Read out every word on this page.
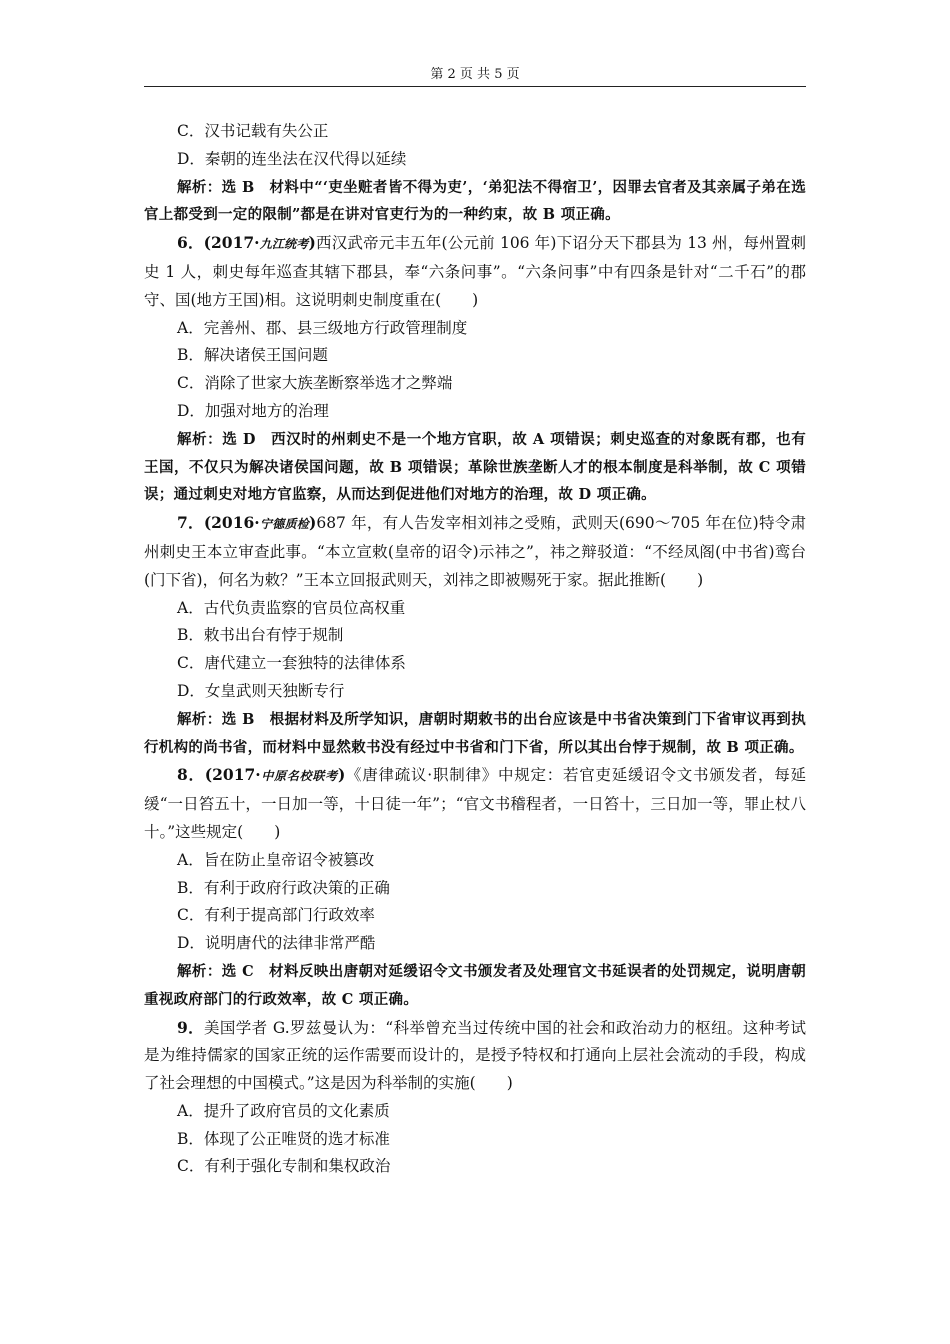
第 2 页 共 5 页

C．汉书记载有失公正

D．秦朝的连坐法在汉代得以延续

解析：选 B　材料中“‘吏坐赃者皆不得为吏’，‘弟犯法不得宿卫’，因罪去官者及其亲属子弟在选官上都受到一定的限制”都是在讲对官吏行为的一种约束，故 B 项正确。

6．(2017·九江统考)西汉武帝元丰五年(公元前 106 年)下诏分天下郡县为 13 州，每州置刺史 1 人，刺史每年巡查其辖下郡县，奉“六条问事”。“六条问事”中有四条是针对“二千石”的郡守、国(地方王国)相。这说明刺史制度重在(　　)

A．完善州、郡、县三级地方行政管理制度

B．解决诸侯王国问题

C．消除了世家大族垄断察举选才之弊端

D．加强对地方的治理

解析：选 D　西汉时的州刺史不是一个地方官职，故 A 项错误；刺史巡查的对象既有郡，也有王国，不仅只为解决诸侯国问题，故 B 项错误；革除世族垄断人才的根本制度是科举制，故 C 项错误；通过刺史对地方官监察，从而达到促进他们对地方的治理，故 D 项正确。

7．(2016·宁德质检)687 年，有人告发宰相刘祎之受贿，武则天(690～705 年在位)特令肃州刺史王本立审查此事。“本立宣敕(皇帝的诏令)示祎之”，祎之辩驳道：“不经凤阁(中书省)鸾台(门下省)，何名为敕？”王本立回报武则天，刘祎之即被赐死于家。据此推断(　　)

A．古代负责监察的官员位高权重

B．敕书出台有悖于规制

C．唐代建立一套独特的法律体系

D．女皇武则天独断专行

解析：选 B　根据材料及所学知识，唐朝时期敕书的出台应该是中书省决策到门下省审议再到执行机构的尚书省，而材料中显然敕书没有经过中书省和门下省，所以其出台悖于规制，故 B 项正确。

8．(2017·中原名校联考)《唐律疏议·职制律》中规定：若官吏延缓诏令文书颁发者，每延缓“一日笞五十，一日加一等，十日徒一年”；“官文书稽程者，一日笞十，三日加一等，罪止杖八十。”这些规定(　　)

A．旨在防止皇帝诏令被篡改

B．有利于政府行政决策的正确

C．有利于提高部门行政效率

D．说明唐代的法律非常严酷

解析：选 C　材料反映出唐朝对延缓诏令文书颁发者及处理官文书延误者的处罚规定，说明唐朝重视政府部门的行政效率，故 C 项正确。

9．美国学者 G.罗兹曼认为：“科举曾充当过传统中国的社会和政治动力的枢纽。这种考试是为维持儒家的国家正统的运作需要而设计的，是授予特权和打通向上层社会流动的手段，构成了社会理想的中国模式。”这是因为科举制的实施(　　)

A．提升了政府官员的文化素质

B．体现了公正唯贤的选才标准

C．有利于强化专制和集权政治
